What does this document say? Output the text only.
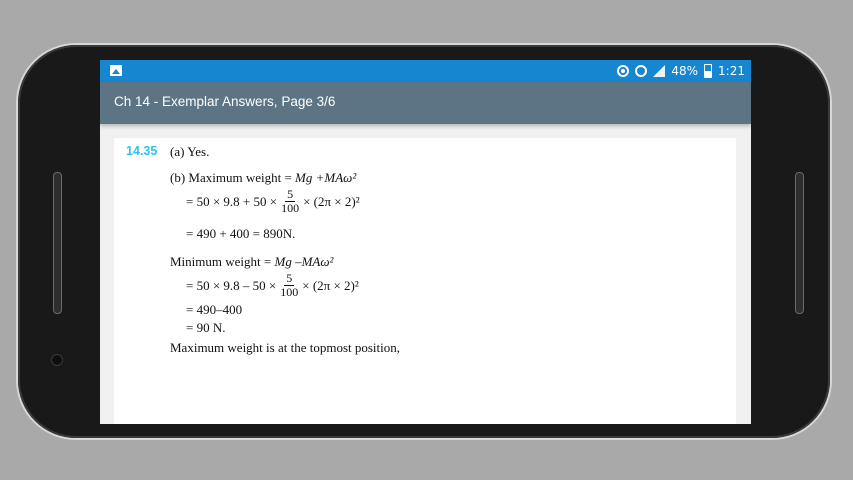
48% 1:21
Ch 14 - Exemplar Answers, Page 3/6
14.35 (a) Yes.
(b) Maximum weight = Mg +MAω²
= $50 \times 9.8 + 50 \times \frac{5}{100} \times (2\pi \times 2)^2$
= 490 + 400 = 890N.
Minimum weight = Mg –MAω²
= $50 \times 9.8 - 50 \times \frac{5}{100} \times (2\pi \times 2)^2$
= 490–400
= 90 N.
Maximum weight is at the topmost position,
